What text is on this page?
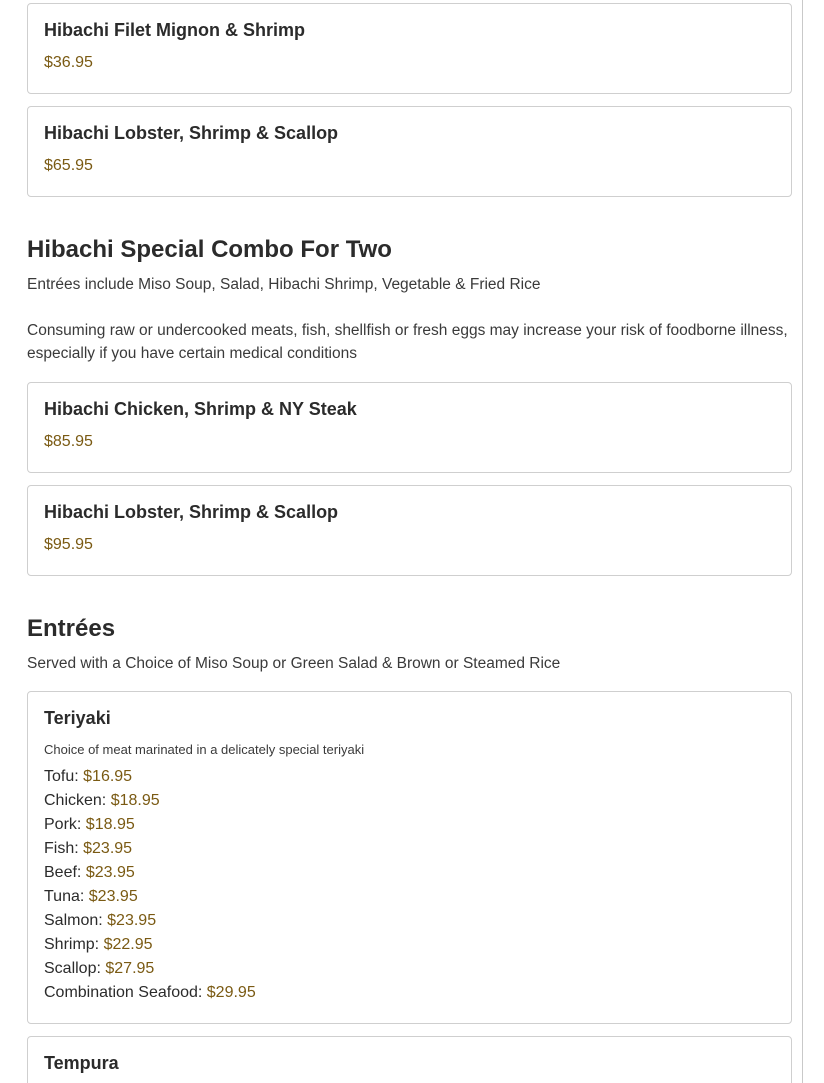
Hibachi Filet Mignon & Shrimp
$36.95
Hibachi Lobster, Shrimp & Scallop
$65.95
Hibachi Special Combo For Two

Entrées include Miso Soup, Salad, Hibachi Shrimp, Vegetable & Fried Rice

Consuming raw or undercooked meats, fish, shellfish or fresh eggs may increase your risk of foodborne illness, especially if you have certain medical conditions

Hibachi Chicken, Shrimp & NY Steak
$85.95
Hibachi Lobster, Shrimp & Scallop
$95.95
Entrées

Served with a Choice of Miso Soup or Green Salad & Brown or Steamed Rice

Teriyaki
Choice of meat marinated in a delicately special teriyaki
Tofu: $16.95
Chicken: $18.95
Pork: $18.95
Fish: $23.95
Beef: $23.95
Tuna: $23.95
Salmon: $23.95
Shrimp: $22.95
Scallop: $27.95
Combination Seafood: $29.95
Tempura
